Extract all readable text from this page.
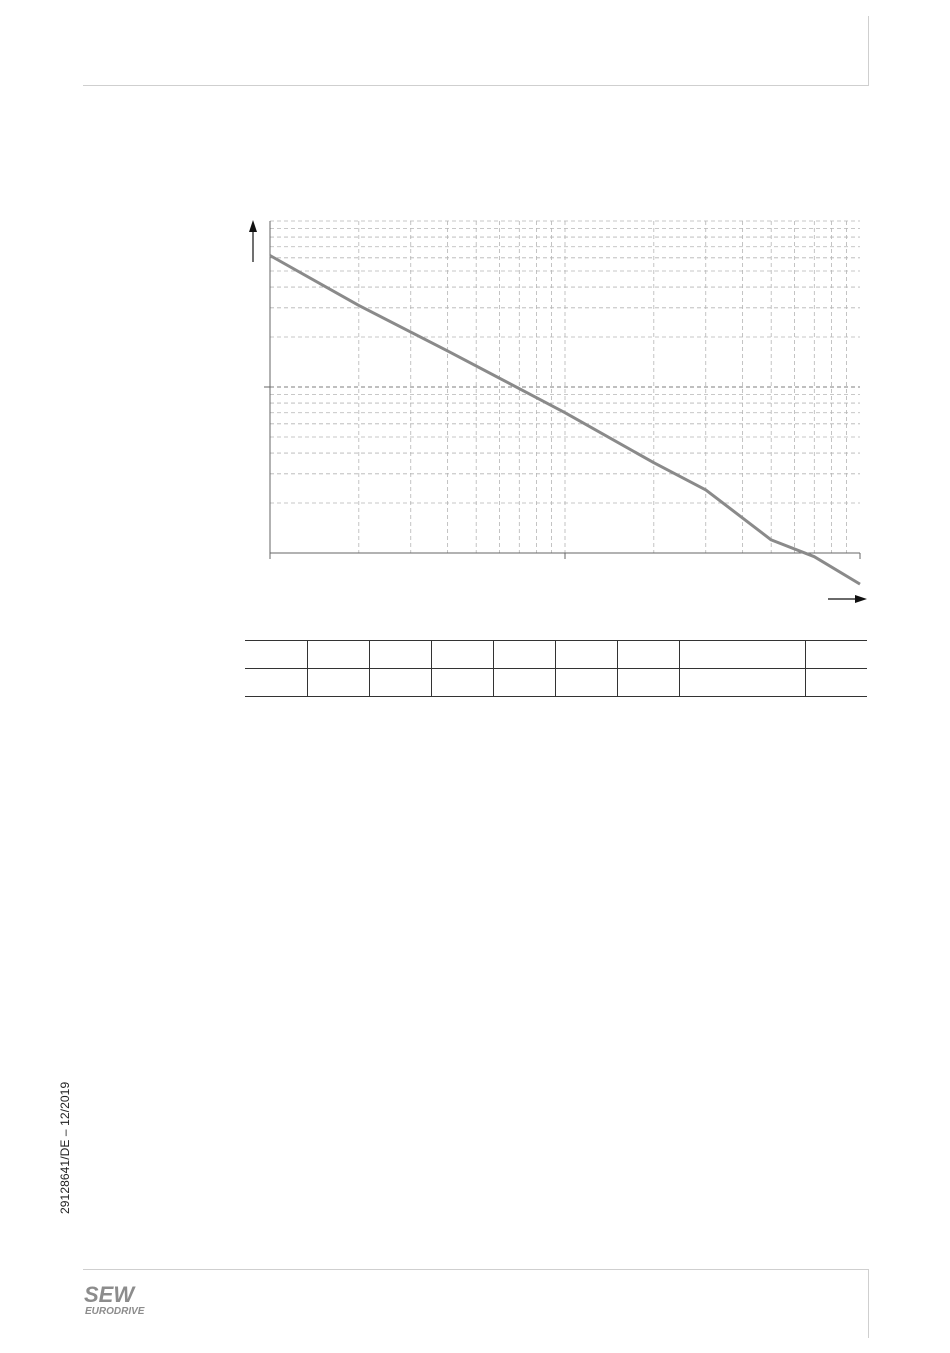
29128641/DE – 12/2019
SEW
EURODRIVE
